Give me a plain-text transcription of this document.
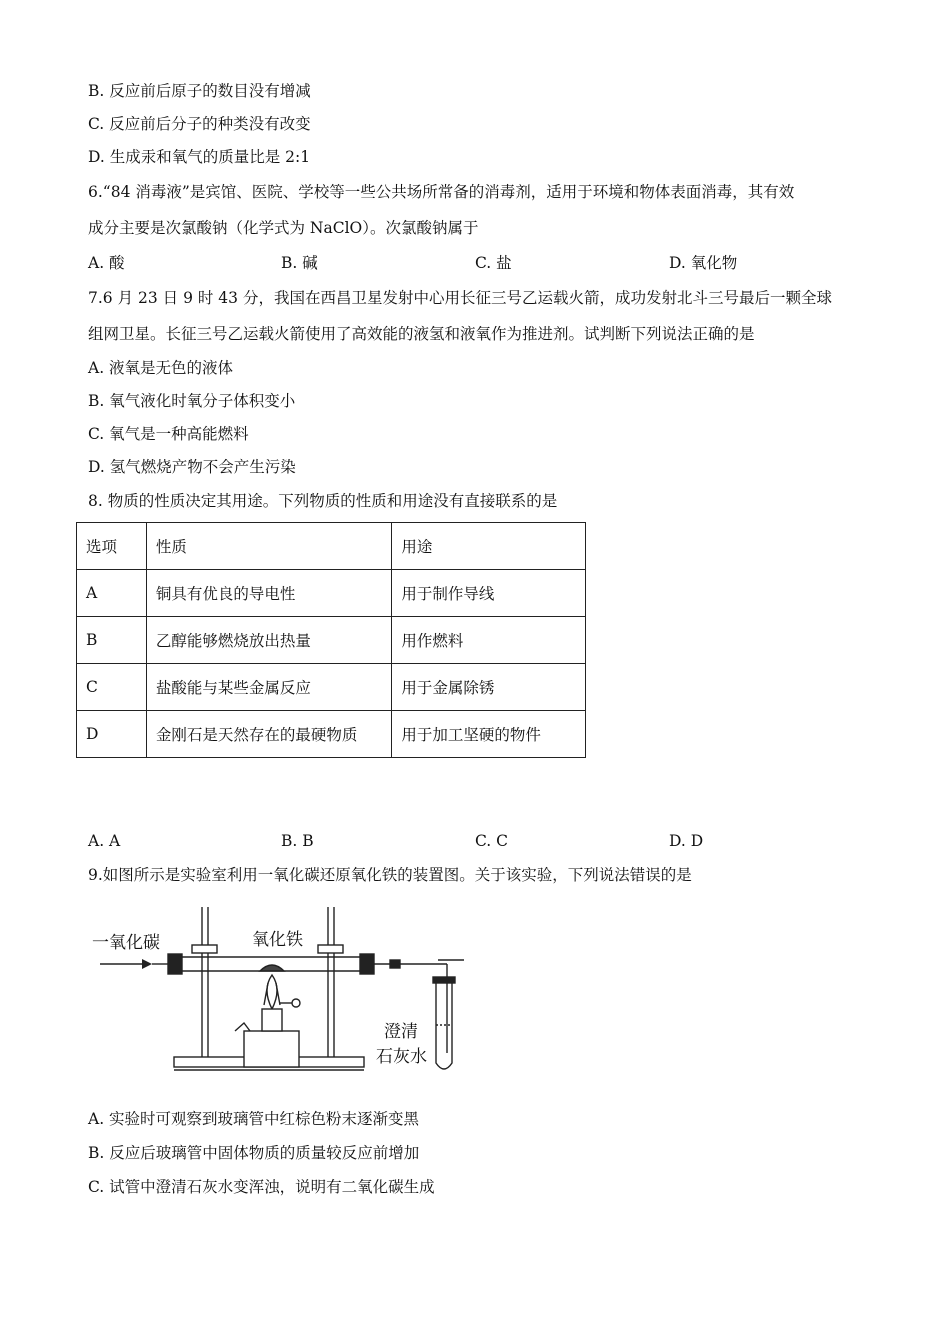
B. 反应前后原子的数目没有增减
C. 反应前后分子的种类没有改变
D. 生成汞和氧气的质量比是 2:1
6.“84 消毒液”是宾馆、医院、学校等一些公共场所常备的消毒剂，适用于环境和物体表面消毒，其有效
成分主要是次氯酸钠（化学式为 NaClO）。次氯酸钠属于
A. 酸	B. 碱	C. 盐	D. 氧化物
7.6 月 23 日 9 时 43 分，我国在西昌卫星发射中心用长征三号乙运载火箭，成功发射北斗三号最后一颗全球
组网卫星。长征三号乙运载火箭使用了高效能的液氢和液氧作为推进剂。试判断下列说法正确的是
A. 液氧是无色的液体
B. 氧气液化时氧分子体积变小
C. 氧气是一种高能燃料
D. 氢气燃烧产物不会产生污染
8. 物质的性质决定其用途。下列物质的性质和用途没有直接联系的是
选项	性质	用途
A	铜具有优良的导电性	用于制作导线
B	乙醇能够燃烧放出热量	用作燃料
C	盐酸能与某些金属反应	用于金属除锈
D	金刚石是天然存在的最硬物质	用于加工坚硬的物件
A. A	B. B	C. C	D. D
9.如图所示是实验室利用一氧化碳还原氧化铁的装置图。关于该实验，下列说法错误的是
一氧化碳	氧化铁
澄清
石灰水
A. 实验时可观察到玻璃管中红棕色粉末逐渐变黑
B. 反应后玻璃管中固体物质的质量较反应前增加
C. 试管中澄清石灰水变浑浊，说明有二氧化碳生成
